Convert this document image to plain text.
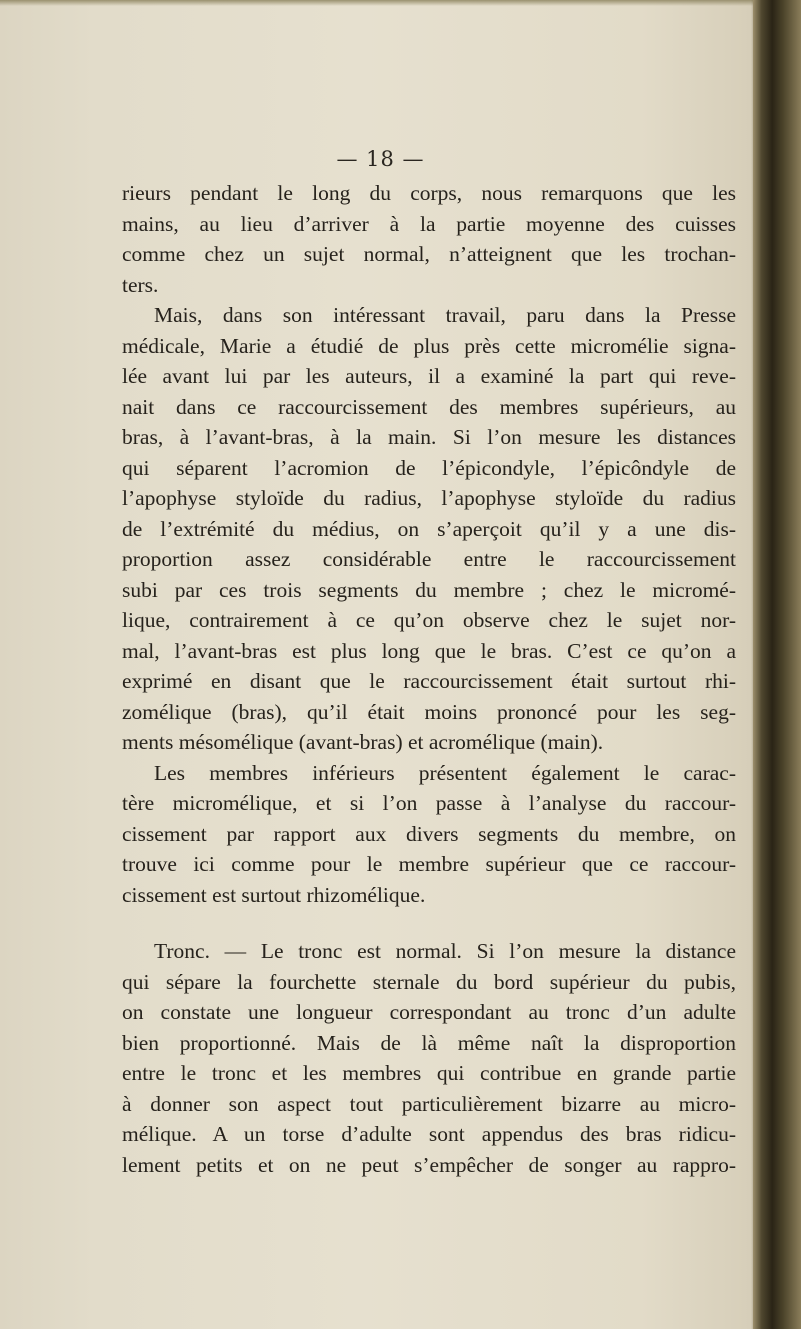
— 18 —

rieurs pendant le long du corps, nous remarquons que les

mains, au lieu d’arriver à la partie moyenne des cuisses

comme chez un sujet normal, n’atteignent que les trochan-

ters.

Mais, dans son intéressant travail, paru dans la Presse

médicale, Marie a étudié de plus près cette micromélie signa-

lée avant lui par les auteurs, il a examiné la part qui reve-

nait dans ce raccourcissement des membres supérieurs, au

bras, à l’avant-bras, à la main. Si l’on mesure les distances

qui séparent l’acromion de l’épicondyle, l’épicôndyle de

l’apophyse styloïde du radius, l’apophyse styloïde du radius

de l’extrémité du médius, on s’aperçoit qu’il y a une dis-

proportion assez considérable entre le raccourcissement

subi par ces trois segments du membre ; chez le micromé-

lique, contrairement à ce qu’on observe chez le sujet nor-

mal, l’avant-bras est plus long que le bras. C’est ce qu’on a

exprimé en disant que le raccourcissement était surtout rhi-

zomélique (bras), qu’il était moins prononcé pour les seg-

ments mésomélique (avant-bras) et acromélique (main).

Les membres inférieurs présentent également le carac-

tère micromélique, et si l’on passe à l’analyse du raccour-

cissement par rapport aux divers segments du membre, on

trouve ici comme pour le membre supérieur que ce raccour-

cissement est surtout rhizomélique.

Tronc. — Le tronc est normal. Si l’on mesure la distance

qui sépare la fourchette sternale du bord supérieur du pubis,

on constate une longueur correspondant au tronc d’un adulte

bien proportionné. Mais de là même naît la disproportion

entre le tronc et les membres qui contribue en grande partie

à donner son aspect tout particulièrement bizarre au micro-

mélique. A un torse d’adulte sont appendus des bras ridicu-

lement petits et on ne peut s’empêcher de songer au rappro-
